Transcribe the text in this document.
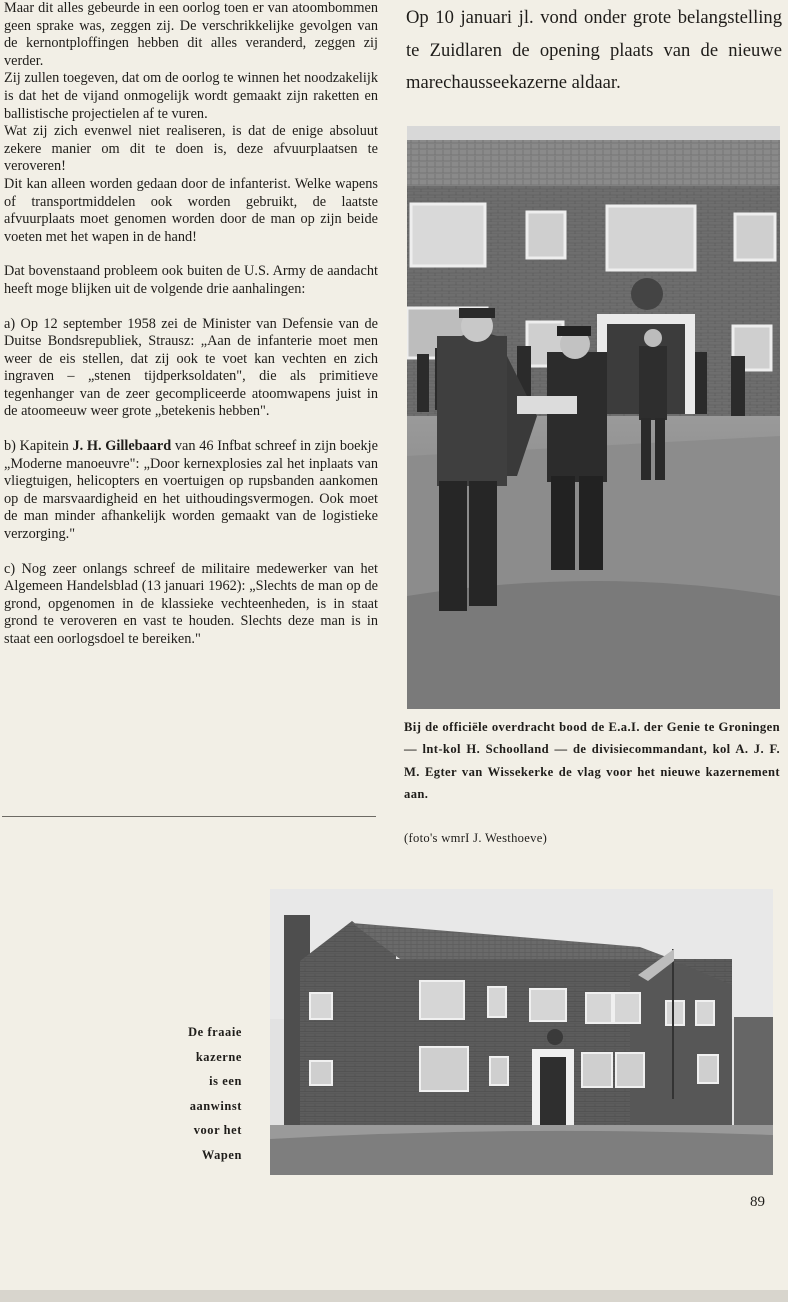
Maar dit alles gebeurde in een oorlog toen er van atoombommen geen sprake was, zeggen zij. De verschrikkelijke gevolgen van de kernontploffingen hebben dit alles veranderd, zeggen zij verder.

Zij zullen toegeven, dat om de oorlog te winnen het noodzakelijk is dat het de vijand onmogelijk wordt gemaakt zijn raketten en ballistische projectielen af te vuren.

Wat zij zich evenwel niet realiseren, is dat de enige absoluut zekere manier om dit te doen is, deze afvuurplaatsen te veroveren!

Dit kan alleen worden gedaan door de infanterist. Welke wapens of transportmiddelen ook worden gebruikt, de laatste afvuurplaats moet genomen worden door de man op zijn beide voeten met het wapen in de hand!

Dat bovenstaand probleem ook buiten de U.S. Army de aandacht heeft moge blijken uit de volgende drie aanhalingen:

a) Op 12 september 1958 zei de Minister van Defensie van de Duitse Bondsrepubliek, Strausz: „Aan de infanterie moet men weer de eis stellen, dat zij ook te voet kan vechten en zich ingraven – „stenen tijdperksoldaten", die als primitieve tegenhanger van de zeer gecompliceerde atoomwapens juist in de atoomeeuw weer grote „betekenis hebben".

b) Kapitein J. H. Gillebaard van 46 Infbat schreef in zijn boekje „Moderne manoeuvre": „Door kernexplosies zal het inplaats van vliegtuigen, helicopters en voertuigen op rupsbanden aankomen op de marsvaardigheid en het uithoudingsvermogen. Ook moet de man minder afhankelijk worden gemaakt van de logistieke verzorging."

c) Nog zeer onlangs schreef de militaire medewerker van het Algemeen Handelsblad (13 januari 1962): „Slechts de man op de grond, opgenomen in de klassieke vechteenheden, is in staat grond te veroveren en vast te houden. Slechts deze man is in staat een oorlogsdoel te bereiken."

Op 10 januari jl. vond onder grote belangstelling te Zuidlaren de opening plaats van de nieuwe marechausseekazerne aldaar.

Bij de officiële overdracht bood de E.a.I. der Genie te Groningen — lnt-kol H. Schoolland — de divisiecommandant, kol A. J. F. M. Egter van Wissekerke de vlag voor het nieuwe kazernement aan.
(foto's wmrI J. Westhoeve)
De fraaie
kazerne
is een
aanwinst
voor het
Wapen
89
